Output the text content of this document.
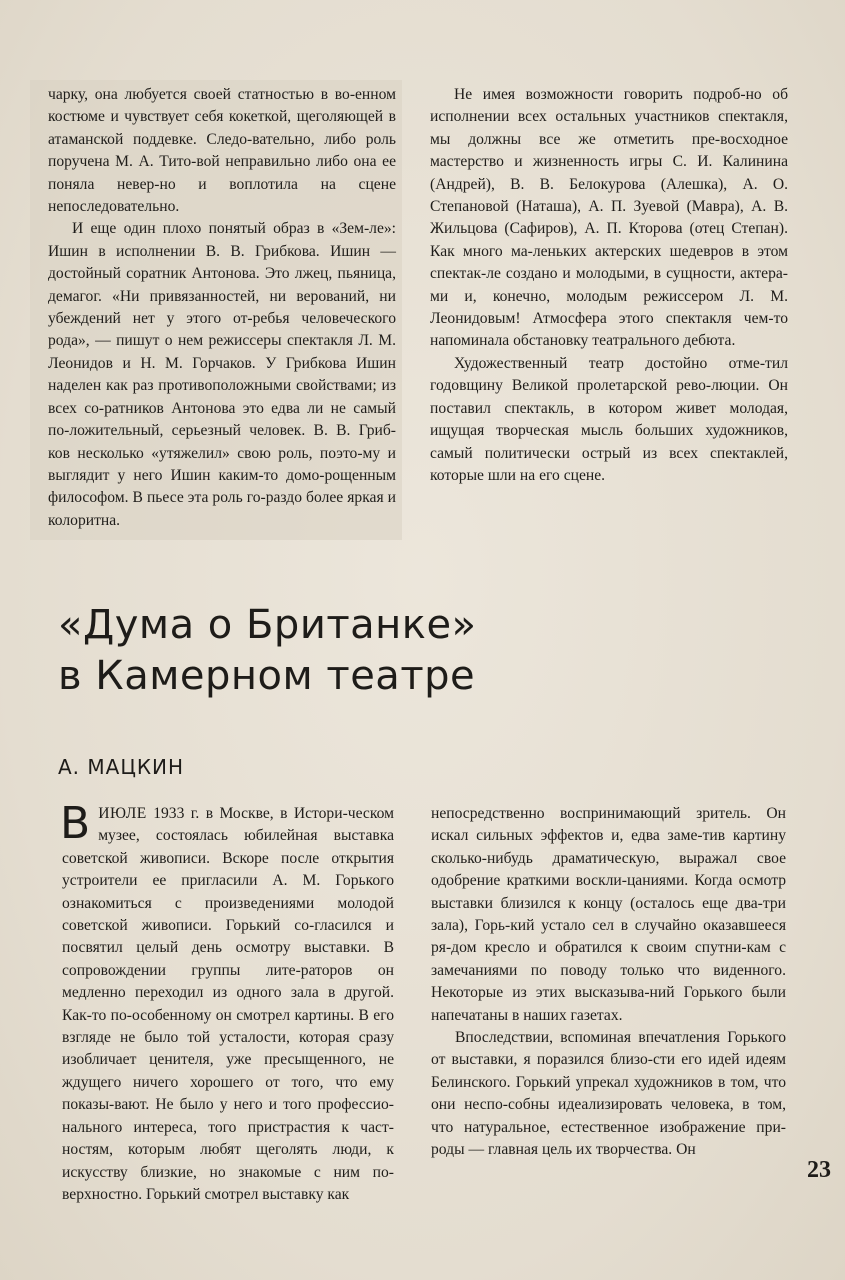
чарку, она любуется своей статностью в во-енном костюме и чувствует себя кокеткой, щеголяющей в атаманской поддевке. Следо-вательно, либо роль поручена М. А. Тито-вой неправильно либо она ее поняла невер-но и воплотила на сцене непоследовательно.

И еще один плохо понятый образ в «Зем-ле»: Ишин в исполнении В. В. Грибкова. Ишин — достойный соратник Антонова. Это лжец, пьяница, демагог. «Ни привязанностей, ни верований, ни убеждений нет у этого от-ребья человеческого рода», — пишут о нем режиссеры спектакля Л. М. Леонидов и Н. М. Горчаков. У Грибкова Ишин наделен как раз противоположными свойствами; из всех со-ратников Антонова это едва ли не самый по-ложительный, серьезный человек. В. В. Гриб-ков несколько «утяжелил» свою роль, поэто-му и выглядит у него Ишин каким-то домо-рощенным философом. В пьесе эта роль го-раздо более яркая и колоритна.

Не имея возможности говорить подроб-но об исполнении всех остальных участников спектакля, мы должны все же отметить пре-восходное мастерство и жизненность игры С. И. Калинина (Андрей), В. В. Белокурова (Алешка), А. О. Степановой (Наташа), А. П. Зуевой (Мавра), А. В. Жильцова (Сафиров), А. П. Кторова (отец Степан). Как много ма-леньких актерских шедевров в этом спектак-ле создано и молодыми, в сущности, актера-ми и, конечно, молодым режиссером Л. М. Леонидовым! Атмосфера этого спектакля чем-то напоминала обстановку театрального дебюта.

Художественный театр достойно отме-тил годовщину Великой пролетарской рево-люции. Он поставил спектакль, в котором живет молодая, ищущая творческая мысль больших художников, самый политически острый из всех спектаклей, которые шли на его сцене.

«Дума о Британке»
в Камерном театре
А. МАЦКИН

ВИЮЛЕ 1933 г. в Москве, в Истори-ческом музее, состоялась юбилейная выставка советской живописи. Вскоре после открытия устроители ее пригласили А. М. Горького ознакомиться с произведениями молодой советской живописи. Горький со-гласился и посвятил целый день осмотру выставки. В сопровождении группы лите-раторов он медленно переходил из одного зала в другой. Как-то по-особенному он смотрел картины. В его взгляде не было той усталости, которая сразу изобличает ценителя, уже пресыщенного, не ждущего ничего хорошего от того, что ему показы-вают. Не было у него и того профессио-нального интереса, того пристрастия к част-ностям, которым любят щеголять люди, к искусству близкие, но знакомые с ним по-верхностно. Горький смотрел выставку как

непосредственно воспринимающий зритель. Он искал сильных эффектов и, едва заме-тив картину сколько-нибудь драматическую, выражал свое одобрение краткими воскли-цаниями. Когда осмотр выставки близился к концу (осталось еще два-три зала), Горь-кий устало сел в случайно оказавшееся ря-дом кресло и обратился к своим спутни-кам с замечаниями по поводу только что виденного. Некоторые из этих высказыва-ний Горького были напечатаны в наших газетах.

Впоследствии, вспоминая впечатления Горького от выставки, я поразился близо-сти его идей идеям Белинского. Горький упрекал художников в том, что они неспо-собны идеализировать человека, в том, что натуральное, естественное изображение при-роды — главная цель их творчества. Он

23
